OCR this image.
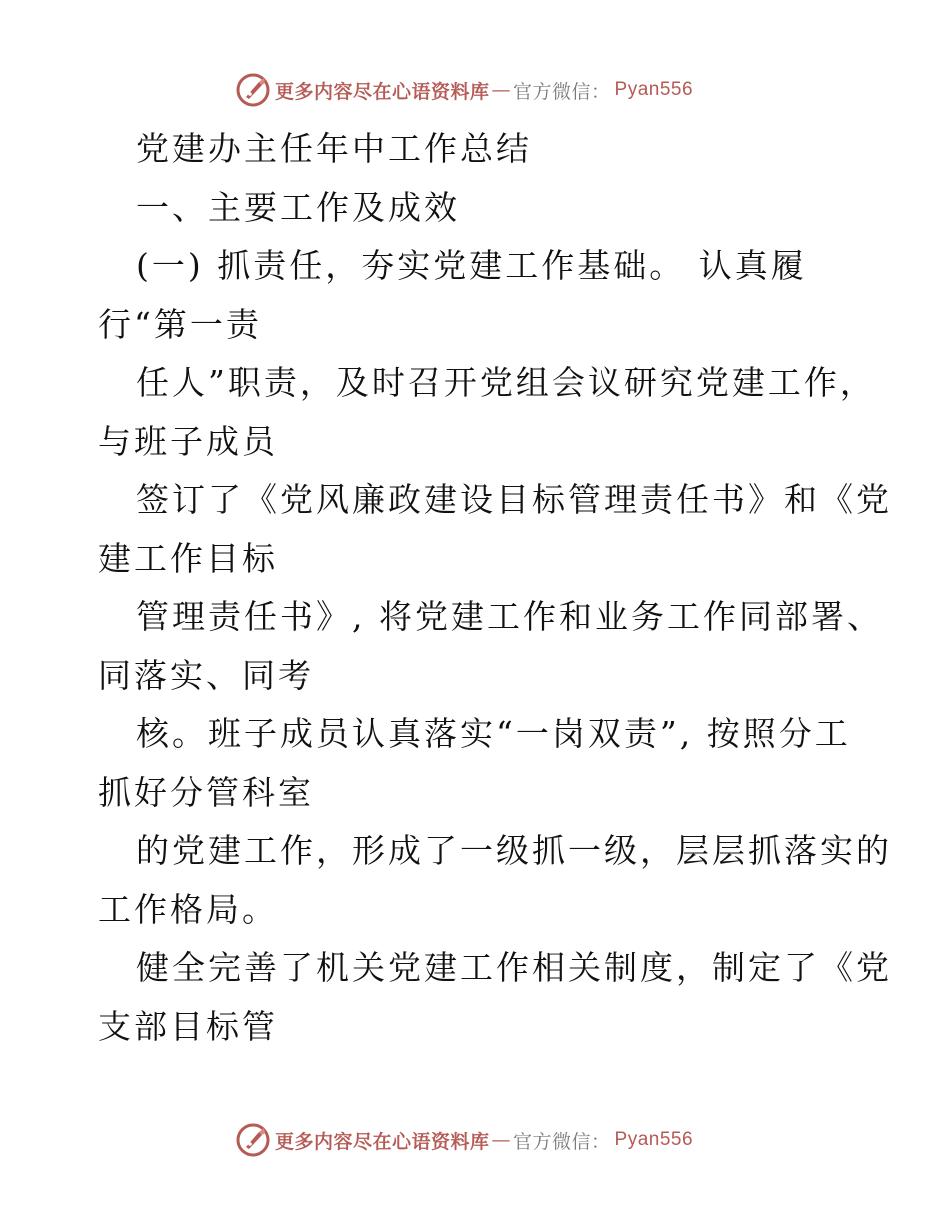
更多内容尽在心语资料库 — 官方微信： Pyan556
党建办主任年中工作总结
一、主要工作及成效
(一) 抓责任，夯实党建工作基础。 认真履
行“第一责
任人”职责，及时召开党组会议研究党建工作，
与班子成员
签订了《党风廉政建设目标管理责任书》和《党
建工作目标
管理责任书》, 将党建工作和业务工作同部署、
同落实、同考
核。班子成员认真落实“一岗双责”, 按照分工
抓好分管科室
的党建工作，形成了一级抓一级，层层抓落实的
工作格局。
健全完善了机关党建工作相关制度，制定了《党
支部目标管
更多内容尽在心语资料库 — 官方微信： Pyan556
